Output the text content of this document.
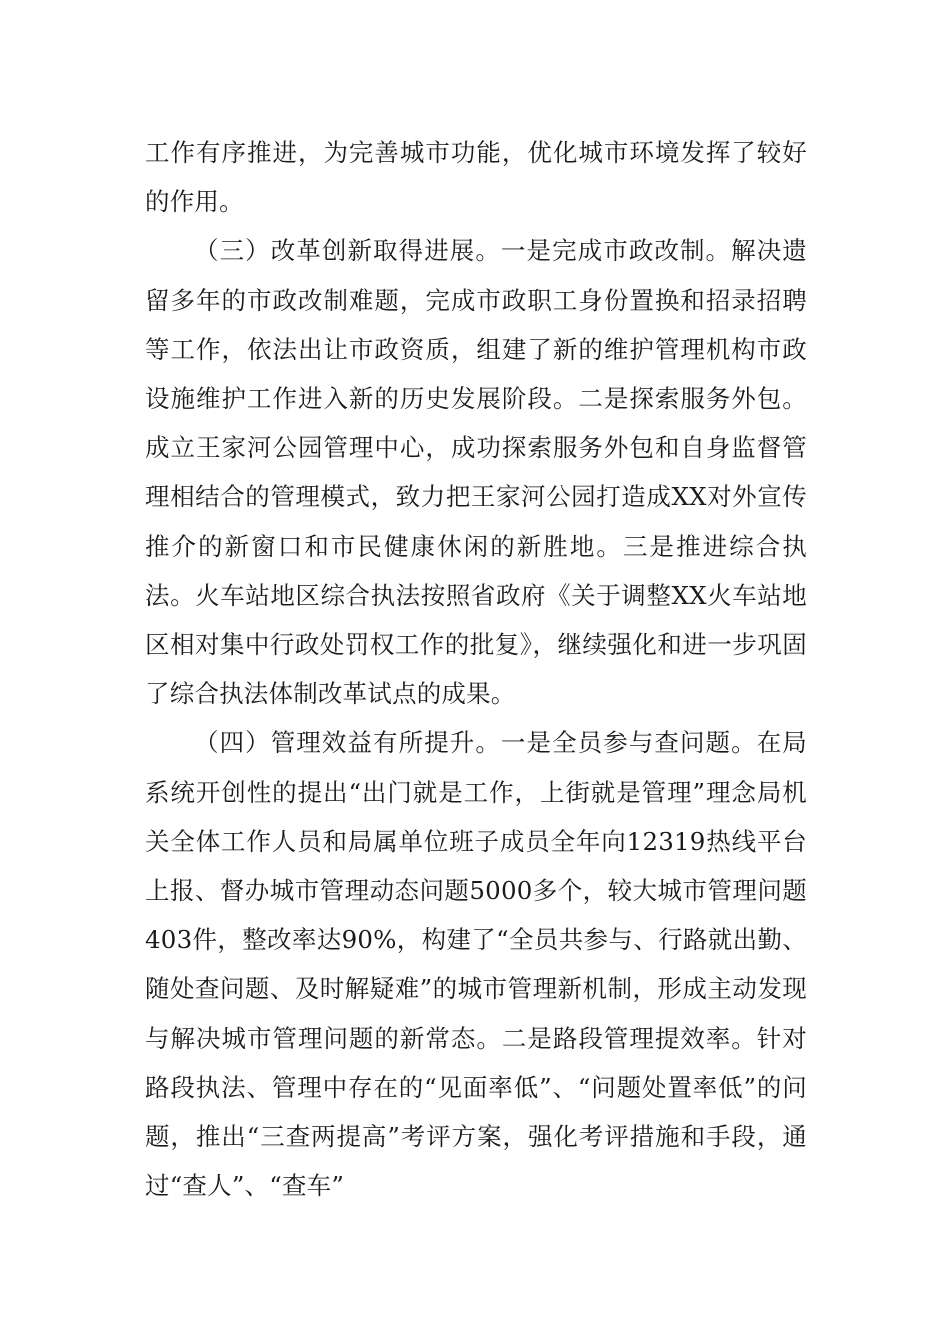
工作有序推进，为完善城市功能，优化城市环境发挥了较好的作用。

（三）改革创新取得进展。一是完成市政改制。解决遗留多年的市政改制难题，完成市政职工身份置换和招录招聘等工作，依法出让市政资质，组建了新的维护管理机构市政设施维护工作进入新的历史发展阶段。二是探索服务外包。成立王家河公园管理中心，成功探索服务外包和自身监督管理相结合的管理模式，致力把王家河公园打造成XX对外宣传推介的新窗口和市民健康休闲的新胜地。三是推进综合执法。火车站地区综合执法按照省政府《关于调整XX火车站地区相对集中行政处罚权工作的批复》，继续强化和进一步巩固了综合执法体制改革试点的成果。

（四）管理效益有所提升。一是全员参与查问题。在局系统开创性的提出“出门就是工作，上街就是管理”理念局机关全体工作人员和局属单位班子成员全年向12319热线平台上报、督办城市管理动态问题5000多个，较大城市管理问题403件，整改率达90%，构建了“全员共参与、行路就出勤、随处查问题、及时解疑难”的城市管理新机制，形成主动发现与解决城市管理问题的新常态。二是路段管理提效率。针对路段执法、管理中存在的“见面率低”、“问题处置率低”的问题，推出“三查两提高”考评方案，强化考评措施和手段，通过“查人”、“查车”
